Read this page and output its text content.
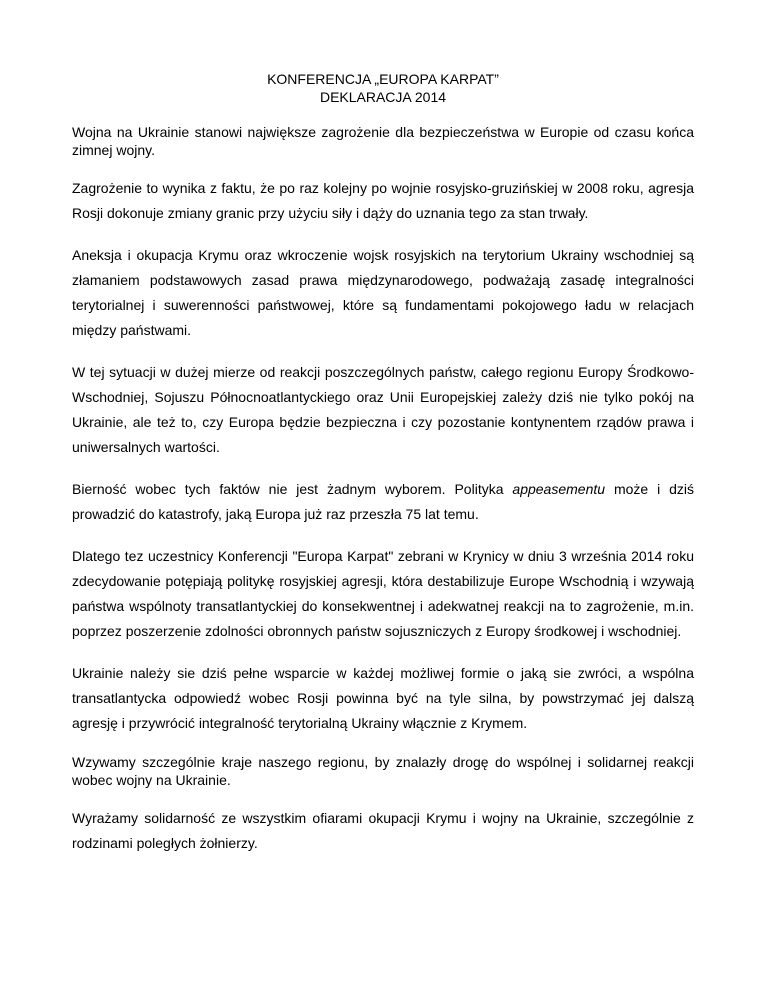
KONFERENCJA „EUROPA KARPAT”
DEKLARACJA 2014

Wojna na Ukrainie stanowi największe zagrożenie dla bezpieczeństwa w Europie od czasu końca zimnej wojny.

Zagrożenie to wynika z faktu, że po raz kolejny po wojnie rosyjsko-gruzińskiej w 2008 roku, agresja Rosji dokonuje zmiany granic przy użyciu siły i dąży do uznania tego za stan trwały.

Aneksja i okupacja Krymu oraz wkroczenie wojsk rosyjskich na terytorium Ukrainy wschodniej są złamaniem podstawowych zasad prawa międzynarodowego, podważają zasadę integralności terytorialnej i suwerenności państwowej, które są fundamentami pokojowego ładu w relacjach między państwami.

W tej sytuacji w dużej mierze od reakcji poszczególnych państw, całego regionu Europy Środkowo-Wschodniej, Sojuszu Północnoatlantyckiego oraz Unii Europejskiej zależy dziś nie tylko pokój na Ukrainie, ale też to, czy Europa będzie bezpieczna i czy pozostanie kontynentem rządów prawa i uniwersalnych wartości.

Bierność wobec tych faktów nie jest żadnym wyborem. Polityka appeasementu może i dziś prowadzić do katastrofy, jaką Europa już raz przeszła 75 lat temu.

Dlatego tez uczestnicy Konferencji "Europa Karpat" zebrani w Krynicy w dniu 3 września 2014 roku zdecydowanie potępiają politykę rosyjskiej agresji, która destabilizuje Europe Wschodnią i wzywają państwa wspólnoty transatlantyckiej do konsekwentnej i adekwatnej reakcji na to zagrożenie, m.in. poprzez poszerzenie zdolności obronnych państw sojuszniczych z Europy środkowej i wschodniej.

Ukrainie należy sie dziś pełne wsparcie w każdej możliwej formie o jaką sie zwróci, a wspólna transatlantycka odpowiedź wobec Rosji powinna być na tyle silna, by powstrzymać jej dalszą agresję i przywrócić integralność terytorialną Ukrainy włącznie z Krymem.

Wzywamy szczególnie kraje naszego regionu, by znalazły drogę do wspólnej i solidarnej reakcji wobec wojny na Ukrainie.

Wyrażamy solidarność ze wszystkim ofiarami okupacji Krymu i wojny na Ukrainie, szczególnie z rodzinami poległych żołnierzy.
